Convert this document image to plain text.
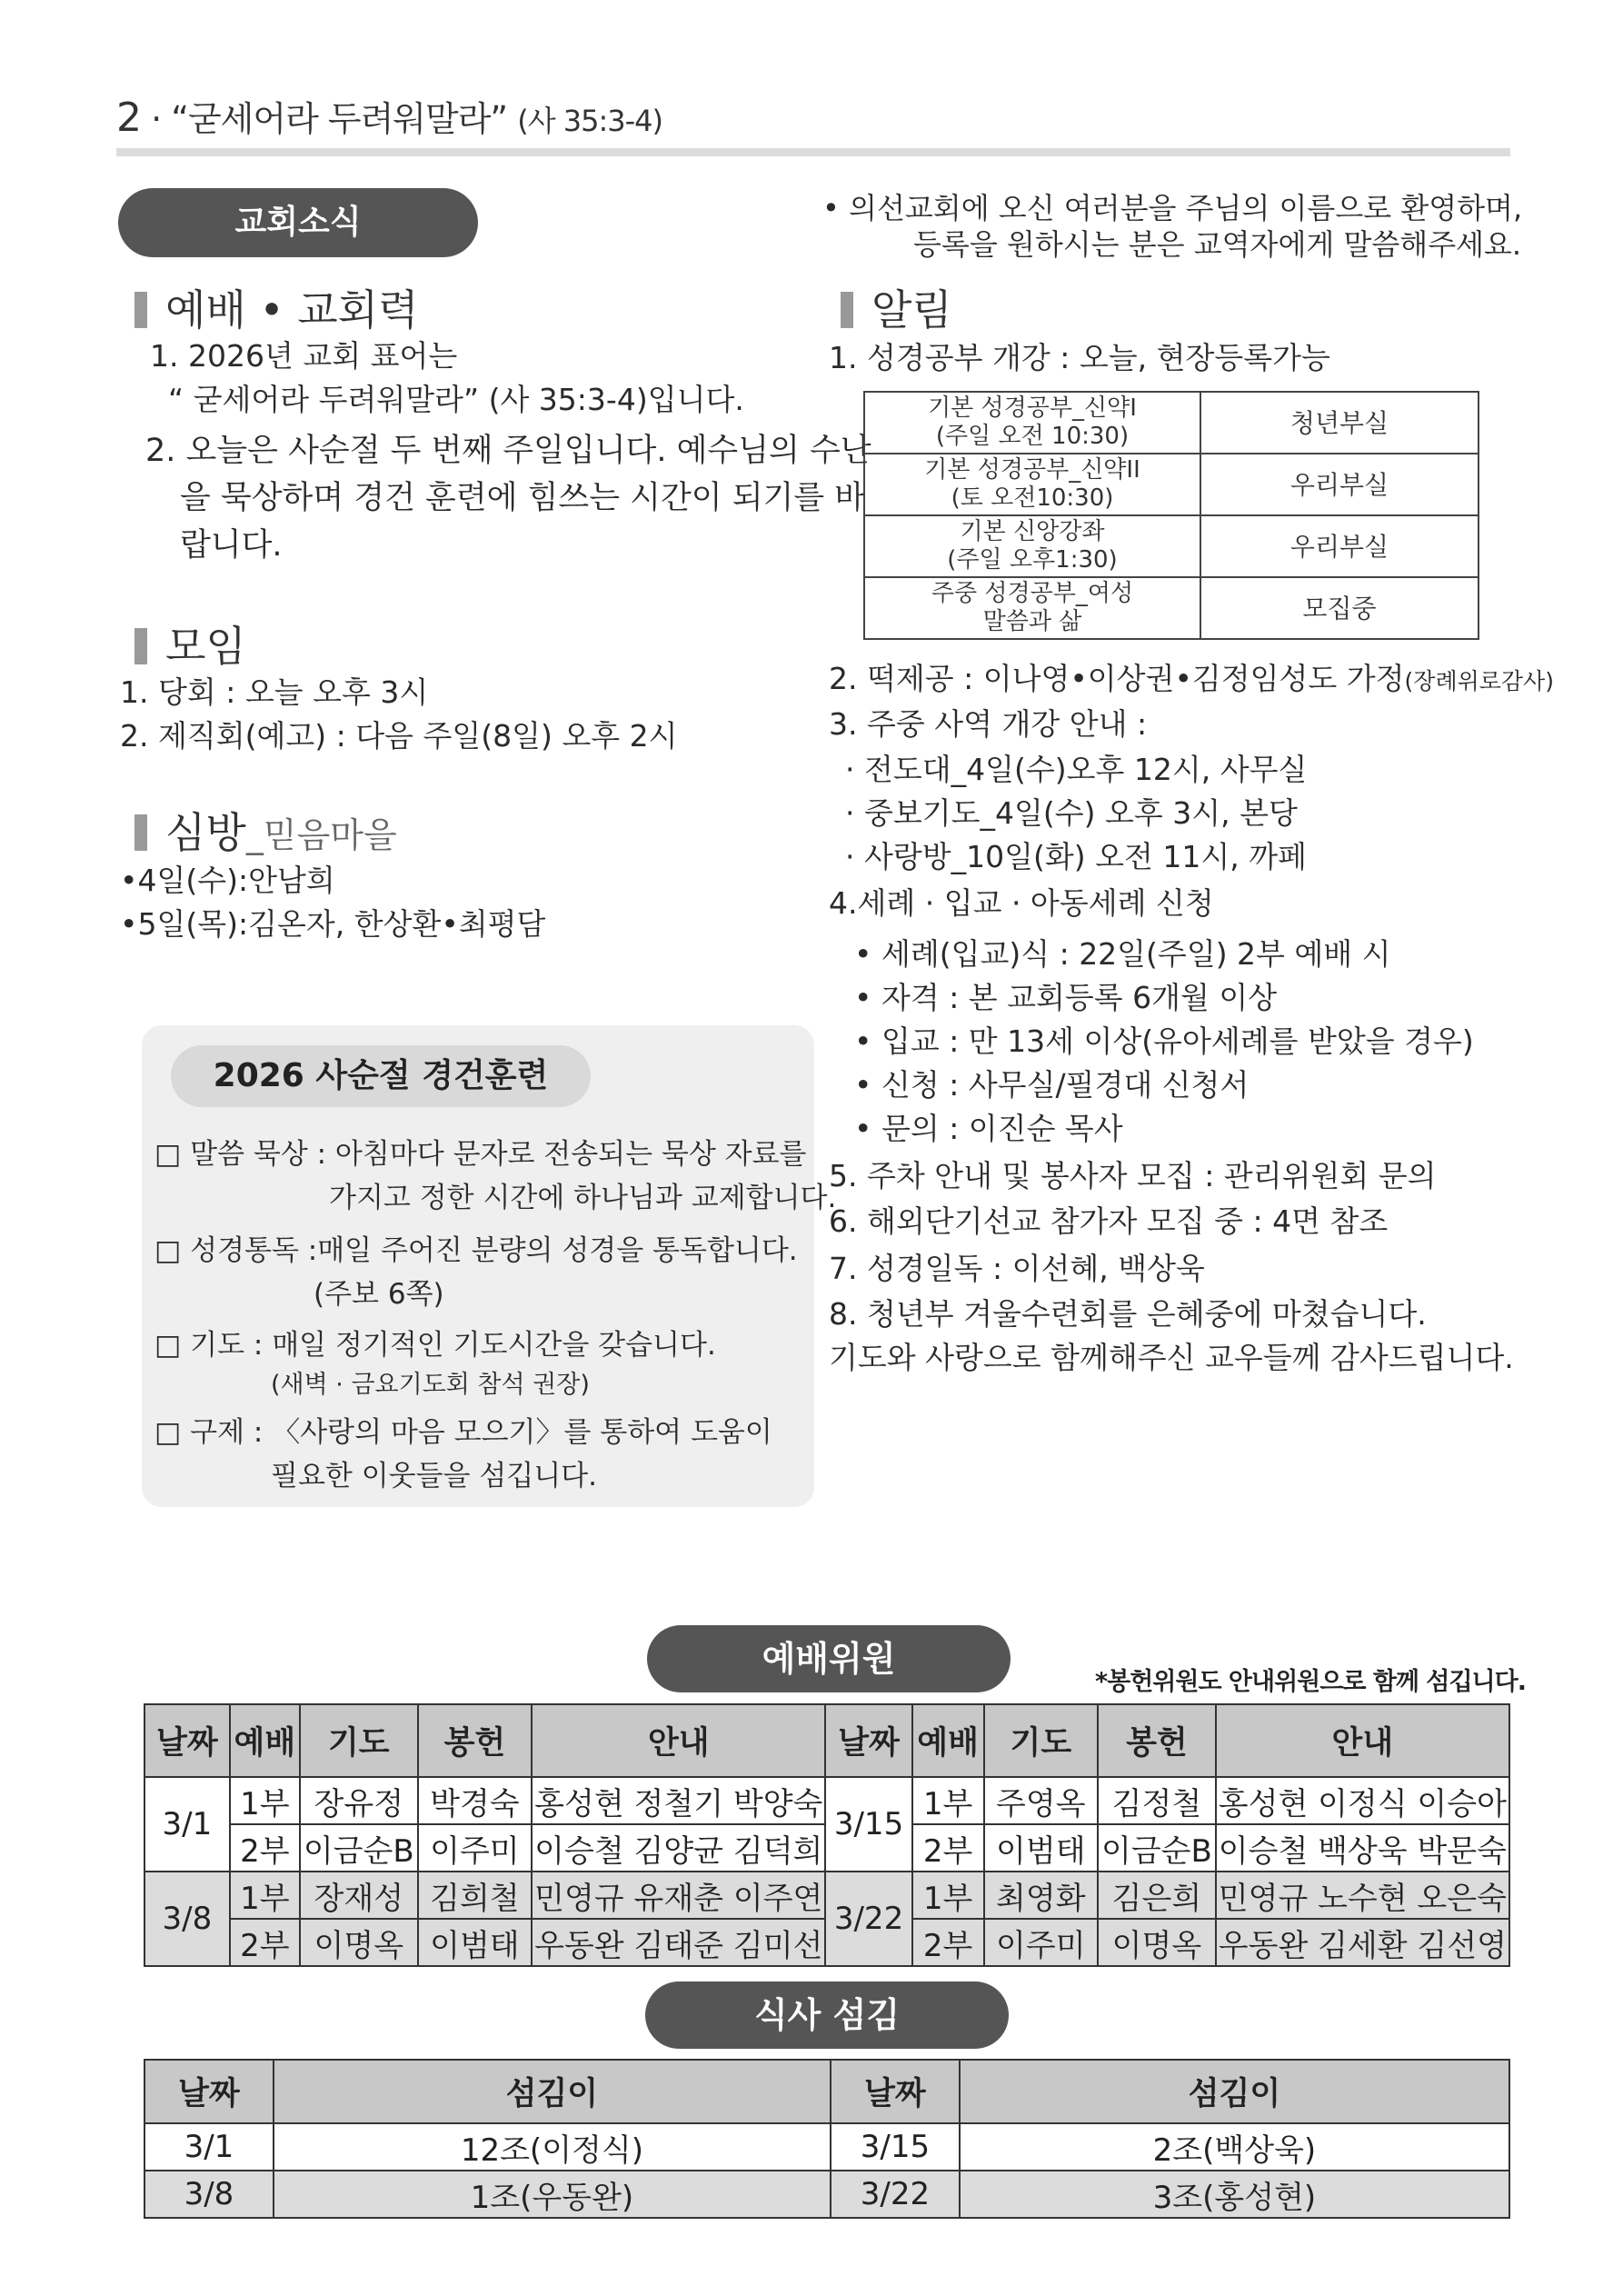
2 · “굳세어라 두려워말라” (사 35:3-4)
교회소식	• 의선교회에 오신 여러분을 주님의 이름으로 환영하며,
등록을 원하시는 분은 교역자에게 말씀해주세요.
예배 • 교회력
1. 2026년 교회 표어는
“ 굳세어라 두려워말라” (사 35:3-4)입니다.
2. 오늘은 사순절 두 번째 주일입니다. 예수님의 수난
을 묵상하며 경건 훈련에 힘쓰는 시간이 되기를 바
랍니다.
모임
1. 당회 : 오늘 오후 3시
2. 제직회(예고) : 다음 주일(8일) 오후 2시
심방_믿음마을
•4일(수):안남희
•5일(목):김온자, 한상환•최평담
2026 사순절 경건훈련
□ 말씀 묵상 : 아침마다 문자로 전송되는 묵상 자료를
가지고 정한 시간에 하나님과 교제합니다.
□ 성경통독 :매일 주어진 분량의 성경을 통독합니다.
(주보 6쪽)
□ 기도 : 매일 정기적인 기도시간을 갖습니다.
(새벽 · 금요기도회 참석 권장)
□ 구제 : 〈사랑의 마음 모으기〉를 통하여 도움이
필요한 이웃들을 섬깁니다.
알림
1. 성경공부 개강 : 오늘, 현장등록가능
기본 성경공부_신약I
(주일 오전 10:30)	청년부실

기본 성경공부_신약II
(토 오전10:30)	우리부실

기본 신앙강좌
(주일 오후1:30)	우리부실

주중 성경공부_여성
말씀과 삶	모집중
2. 떡제공 : 이나영•이상권•김정임성도 가정(장례위로감사)
3. 주중 사역 개강 안내 :
· 전도대_4일(수)오후 12시, 사무실
· 중보기도_4일(수) 오후 3시, 본당
· 사랑방_10일(화) 오전 11시, 까페
4.세례 · 입교 · 아동세례 신청
• 세례(입교)식 : 22일(주일) 2부 예배 시
• 자격 : 본 교회등록 6개월 이상
• 입교 : 만 13세 이상(유아세례를 받았을 경우)
• 신청 : 사무실/필경대 신청서
• 문의 : 이진순 목사
5. 주차 안내 및 봉사자 모집 : 관리위원회 문의
6. 해외단기선교 참가자 모집 중 : 4면 참조
7. 성경일독 : 이선혜, 백상욱
8. 청년부 겨울수련회를 은혜중에 마쳤습니다.
기도와 사랑으로 함께해주신 교우들께 감사드립니다.
예배위원
*봉헌위원도 안내위원으로 함께 섬깁니다.
날짜	예배	기도	봉헌	안내	날짜	예배	기도	봉헌	안내
3/1	1부	장유정	박경숙	홍성현 정철기 박양숙	3/15	1부	주영옥	김정철	홍성현 이정식 이승아
	2부	이금순B	이주미	이승철 김양균 김덕희		2부	이범태	이금순B	이승철 백상욱 박문숙
3/8	1부	장재성	김희철	민영규 유재춘 이주연	3/22	1부	최영화	김은희	민영규 노수현 오은숙
	2부	이명옥	이범태	우동완 김태준 김미선		2부	이주미	이명옥	우동완 김세환 김선영
식사 섬김
날짜	섬김이	날짜	섬김이
3/1	12조(이정식)	3/15	2조(백상욱)
3/8	1조(우동완)	3/22	3조(홍성현)
